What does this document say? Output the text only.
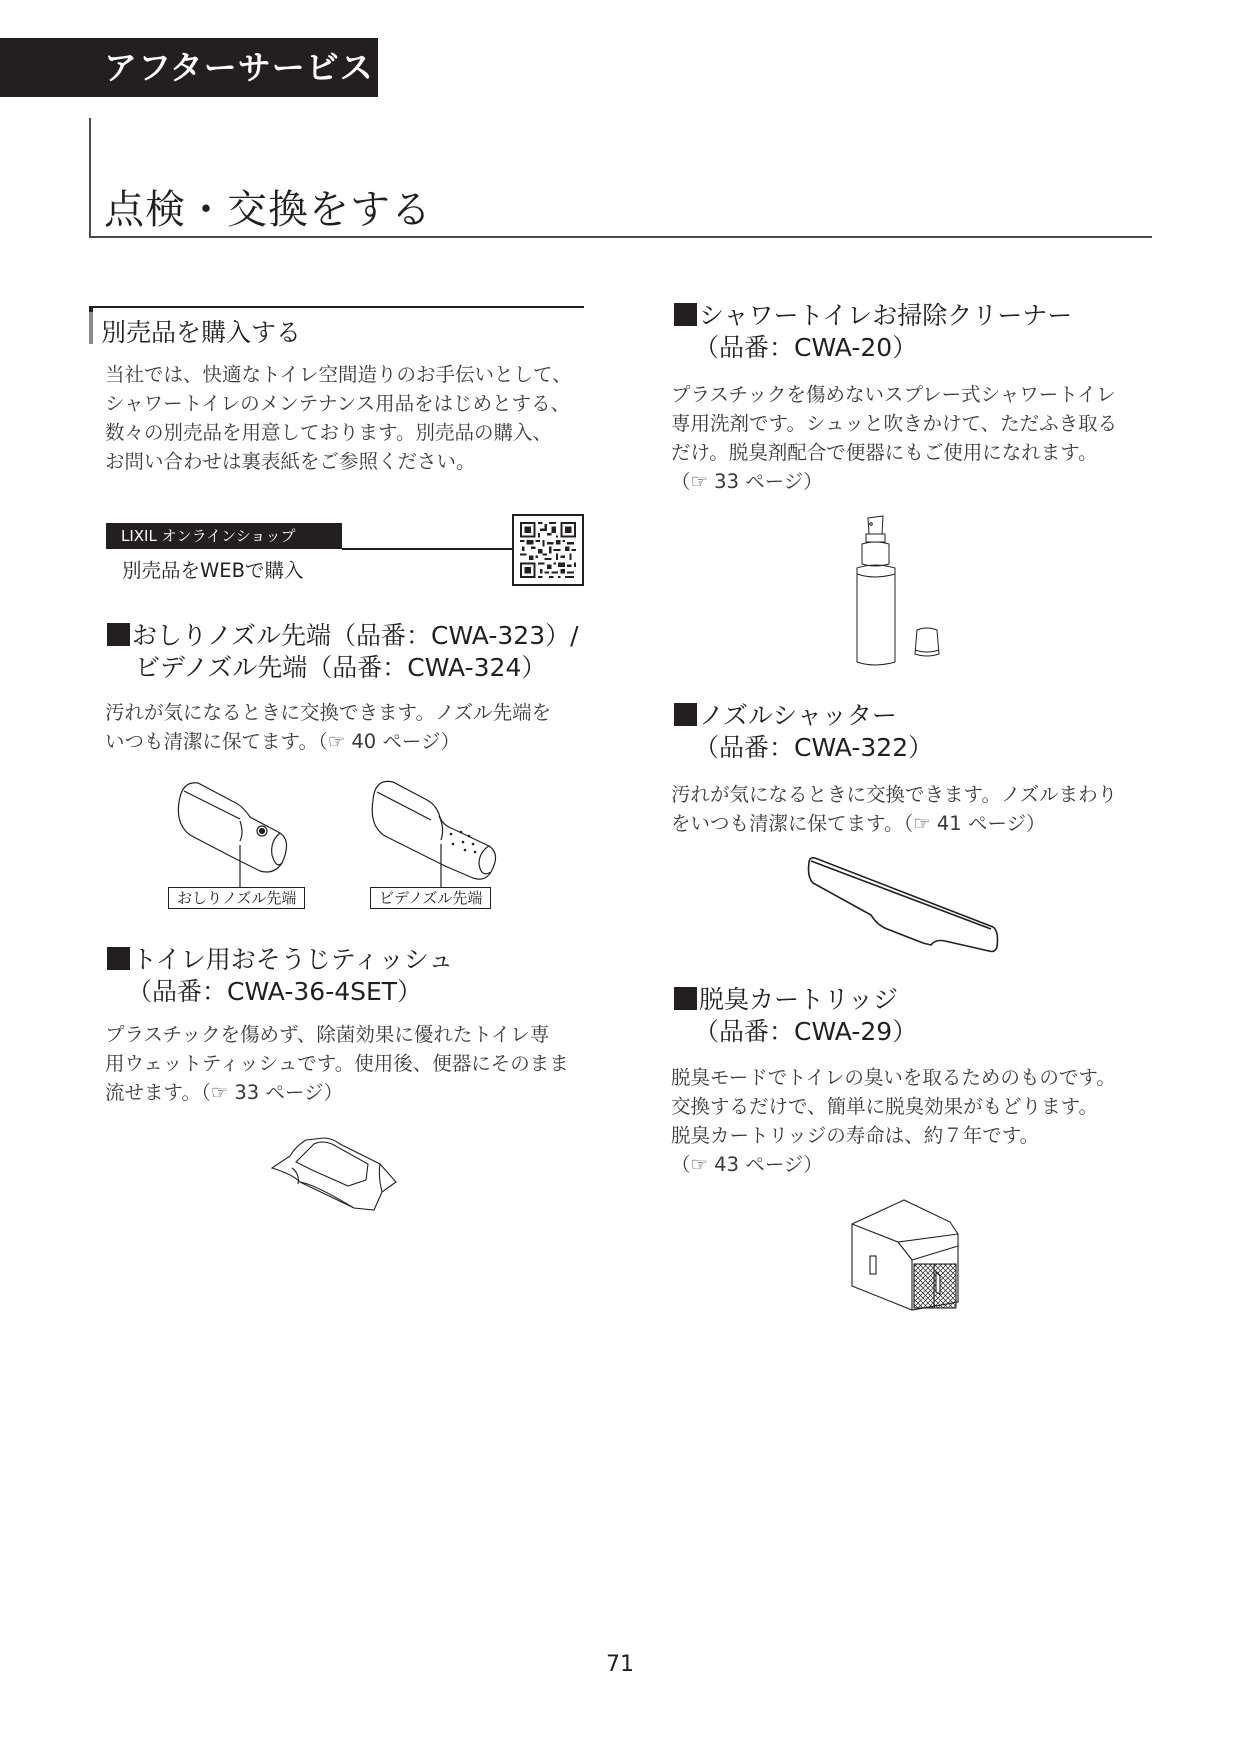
アフターサービス
点検・交換をする
別売品を購入する
当社では、快適なトイレ空間造りのお手伝いとして、
シャワートイレのメンテナンス用品をはじめとする、
数々の別売品を用意しております。別売品の購入、
お問い合わせは裏表紙をご参照ください。
LIXIL オンラインショップ
別売品をWEBで購入
おしりノズル先端（品番：CWA-323）/
ビデノズル先端（品番：CWA-324）
汚れが気になるときに交換できます。ノズル先端を
いつも清潔に保てます。（☞ 40 ページ）
おしりノズル先端	ビデノズル先端
トイレ用おそうじティッシュ
（品番：CWA-36-4SET）
プラスチックを傷めず、除菌効果に優れたトイレ専
用ウェットティッシュです。使用後、便器にそのまま
流せます。（☞ 33 ページ）
シャワートイレお掃除クリーナー
（品番：CWA-20）
プラスチックを傷めないスプレー式シャワートイレ
専用洗剤です。シュッと吹きかけて、ただふき取る
だけ。脱臭剤配合で便器にもご使用になれます。
（☞ 33 ページ）
ノズルシャッター
（品番：CWA-322）
汚れが気になるときに交換できます。ノズルまわり
をいつも清潔に保てます。（☞ 41 ページ）
脱臭カートリッジ
（品番：CWA-29）
脱臭モードでトイレの臭いを取るためのものです。
交換するだけで、簡単に脱臭効果がもどります。
脱臭カートリッジの寿命は、約７年です。
（☞ 43 ページ）
71
